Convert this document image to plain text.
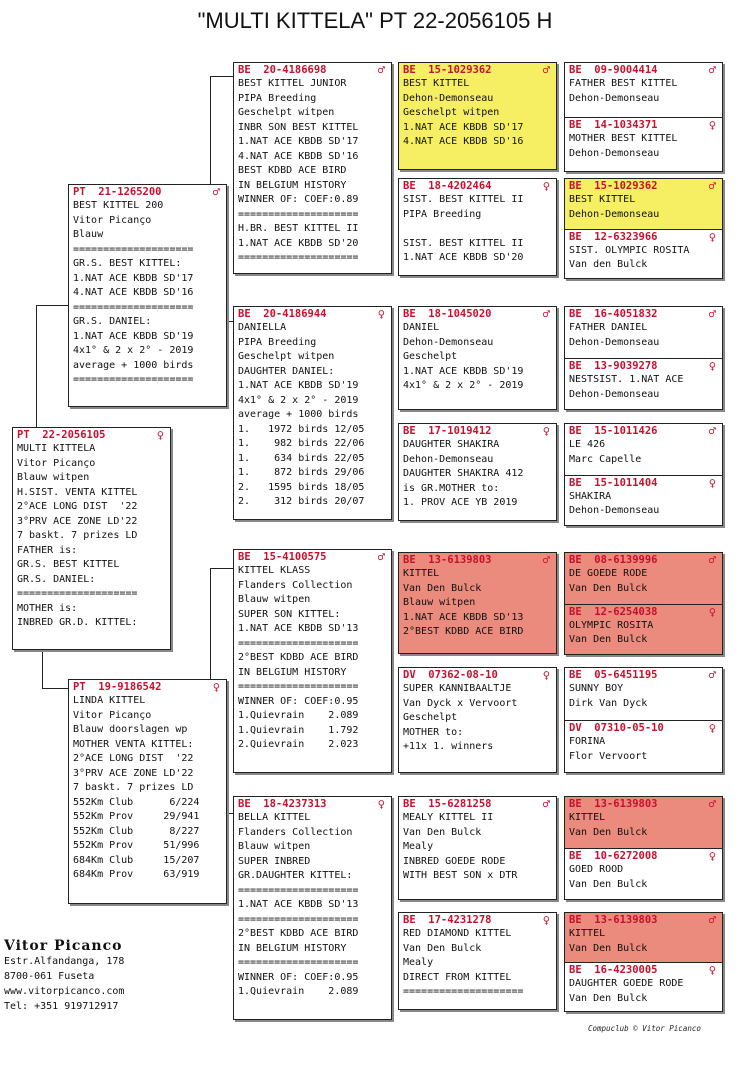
"MULTI KITTELA" PT 22-2056105 H
PT  22-2056105	♀
MULTI KITTELA
Vitor Picanço
Blauw witpen
H.SIST. VENTA KITTEL
2°ACE LONG DIST  '22
3°PRV ACE ZONE LD'22
7 baskt. 7 prizes LD
FATHER is:
GR.S. BEST KITTEL
GR.S. DANIEL:
====================
MOTHER is:
INBRED GR.D. KITTEL:
PT  21-1265200	♂
BEST KITTEL 200
Vitor Picanço
Blauw
====================
GR.S. BEST KITTEL:
1.NAT ACE KBDB SD'17
4.NAT ACE KBDB SD'16
====================
GR.S. DANIEL:
1.NAT ACE KBDB SD'19
4x1° & 2 x 2° - 2019
average + 1000 birds
====================
PT  19-9186542	♀
LINDA KITTEL
Vitor Picanço
Blauw doorslagen wp
MOTHER VENTA KITTEL:
2°ACE LONG DIST  '22
3°PRV ACE ZONE LD'22
7 baskt. 7 prizes LD
552Km Club      6/224
552Km Prov     29/941
552Km Club      8/227
552Km Prov     51/996
684Km Club     15/207
684Km Prov     63/919
BE  20-4186698	♂
BEST KITTEL JUNIOR
PIPA Breeding
Geschelpt witpen
INBR SON BEST KITTEL
1.NAT ACE KBDB SD'17
4.NAT ACE KBDB SD'16
BEST KDBD ACE BIRD
IN BELGIUM HISTORY
WINNER OF: COEF:0.89
====================
H.BR. BEST KITTEL II
1.NAT ACE KBDB SD'20
====================
BE  20-4186944	♀
DANIELLA
PIPA Breeding
Geschelpt witpen
DAUGHTER DANIEL:
1.NAT ACE KBDB SD'19
4x1° & 2 x 2° - 2019
average + 1000 birds
1.   1972 birds 12/05
1.    982 birds 22/06
1.    634 birds 22/05
1.    872 birds 29/06
2.   1595 birds 18/05
2.    312 birds 20/07
BE  15-4100575	♂
KITTEL KLASS
Flanders Collection
Blauw witpen
SUPER SON KITTEL:
1.NAT ACE KBDB SD'13
====================
2°BEST KDBD ACE BIRD
IN BELGIUM HISTORY
====================
WINNER OF: COEF:0.95
1.Quievrain    2.089
1.Quievrain    1.792
2.Quievrain    2.023
BE  18-4237313	♀
BELLA KITTEL
Flanders Collection
Blauw witpen
SUPER INBRED
GR.DAUGHTER KITTEL:
====================
1.NAT ACE KBDB SD'13
====================
2°BEST KDBD ACE BIRD
IN BELGIUM HISTORY
====================
WINNER OF: COEF:0.95
1.Quievrain    2.089
BE  15-1029362	♂
BEST KITTEL
Dehon-Demonseau
Geschelpt witpen
1.NAT ACE KBDB SD'17
4.NAT ACE KBDB SD'16
BE  18-4202464	♀
SIST. BEST KITTEL II
PIPA Breeding
SIST. BEST KITTEL II
1.NAT ACE KBDB SD'20
BE  18-1045020	♂
DANIEL
Dehon-Demonseau
Geschelpt
1.NAT ACE KBDB SD'19
4x1° & 2 x 2° - 2019
BE  17-1019412	♀
DAUGHTER SHAKIRA
Dehon-Demonseau
DAUGHTER SHAKIRA 412
is GR.MOTHER to:
1. PROV ACE YB 2019
BE  13-6139803	♂
KITTEL
Van Den Bulck
Blauw witpen
1.NAT ACE KBDB SD'13
2°BEST KDBD ACE BIRD
DV  07362-08-10	♀
SUPER KANNIBAALTJE
Van Dyck x Vervoort
Geschelpt
MOTHER to:
+11x 1. winners
BE  15-6281258	♂
MEALY KITTEL II
Van Den Bulck
Mealy
INBRED GOEDE RODE
WITH BEST SON x DTR
BE  17-4231278	♀
RED DIAMOND KITTEL
Van Den Bulck
Mealy
DIRECT FROM KITTEL
====================
BE  09-9004414	♂
FATHER BEST KITTEL
Dehon-Demonseau
BE  14-1034371	♀
MOTHER BEST KITTEL
Dehon-Demonseau
BE  15-1029362	♂
BEST KITTEL
Dehon-Demonseau
BE  12-6323966	♀
SIST. OLYMPIC ROSITA
Van den Bulck
BE  16-4051832	♂
FATHER DANIEL
Dehon-Demonseau
BE  13-9039278	♀
NESTSIST. 1.NAT ACE
Dehon-Demonseau
BE  15-1011426	♂
LE 426
Marc Capelle
BE  15-1011404	♀
SHAKIRA
Dehon-Demonseau
BE  08-6139996	♂
DE GOEDE RODE
Van Den Bulck
BE  12-6254038	♀
OLYMPIC ROSITA
Van Den Bulck
BE  05-6451195	♂
SUNNY BOY
Dirk Van Dyck
DV  07310-05-10	♀
FORINA
Flor Vervoort
BE  13-6139803	♂
KITTEL
Van Den Bulck
BE  10-6272008	♀
GOED ROOD
Van Den Bulck
BE  13-6139803	♂
KITTEL
Van Den Bulck
BE  16-4230005	♀
DAUGHTER GOEDE RODE
Van Den Bulck
Vitor Picanco
Estr.Alfandanga, 178
8700-061 Fuseta
www.vitorpicanco.com
Tel: +351 919712917
Compuclub © Vitor Picanco
